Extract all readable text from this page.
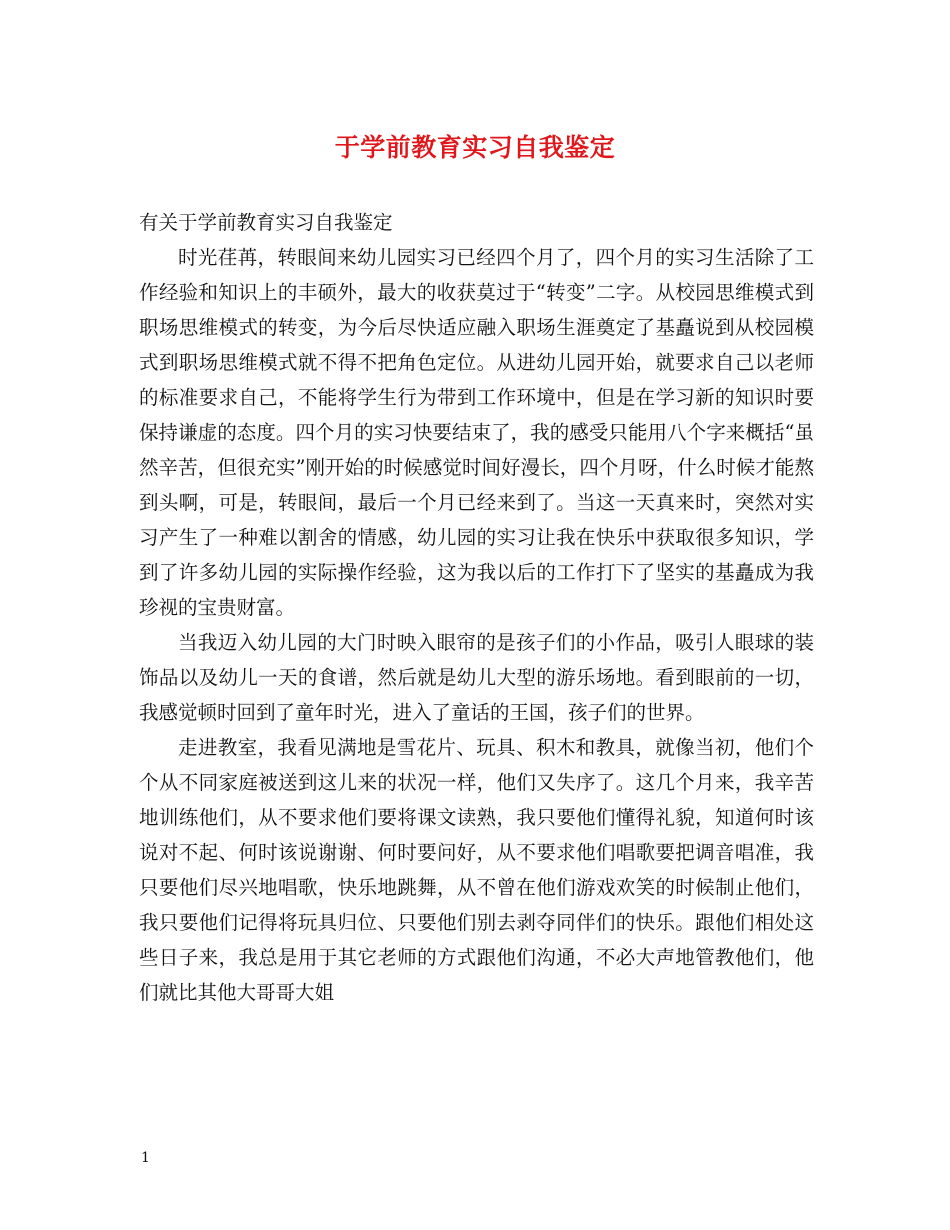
于学前教育实习自我鉴定

有关于学前教育实习自我鉴定

时光荏苒，转眼间来幼儿园实习已经四个月了，四个月的实习生活除了工作经验和知识上的丰硕外，最大的收获莫过于“转变”二字。从校园思维模式到职场思维模式的转变，为今后尽快适应融入职场生涯奠定了基矗说到从校园模式到职场思维模式就不得不把角色定位。从进幼儿园开始，就要求自己以老师的标准要求自己，不能将学生行为带到工作环境中，但是在学习新的知识时要保持谦虚的态度。四个月的实习快要结束了，我的感受只能用八个字来概括“虽然辛苦，但很充实”刚开始的时候感觉时间好漫长，四个月呀，什么时候才能熬到头啊，可是，转眼间，最后一个月已经来到了。当这一天真来时，突然对实习产生了一种难以割舍的情感，幼儿园的实习让我在快乐中获取很多知识，学到了许多幼儿园的实际操作经验，这为我以后的工作打下了坚实的基矗成为我珍视的宝贵财富。

当我迈入幼儿园的大门时映入眼帘的是孩子们的小作品，吸引人眼球的装饰品以及幼儿一天的食谱，然后就是幼儿大型的游乐场地。看到眼前的一切，我感觉顿时回到了童年时光，进入了童话的王国，孩子们的世界。

走进教室，我看见满地是雪花片、玩具、积木和教具，就像当初，他们个个从不同家庭被送到这儿来的状况一样，他们又失序了。这几个月来，我辛苦地训练他们，从不要求他们要将课文读熟，我只要他们懂得礼貌，知道何时该说对不起、何时该说谢谢、何时要问好，从不要求他们唱歌要把调音唱准，我只要他们尽兴地唱歌，快乐地跳舞，从不曾在他们游戏欢笑的时候制止他们，我只要他们记得将玩具归位、只要他们别去剥夺同伴们的快乐。跟他们相处这些日子来，我总是用于其它老师的方式跟他们沟通，不必大声地管教他们，他们就比其他大哥哥大姐

1
